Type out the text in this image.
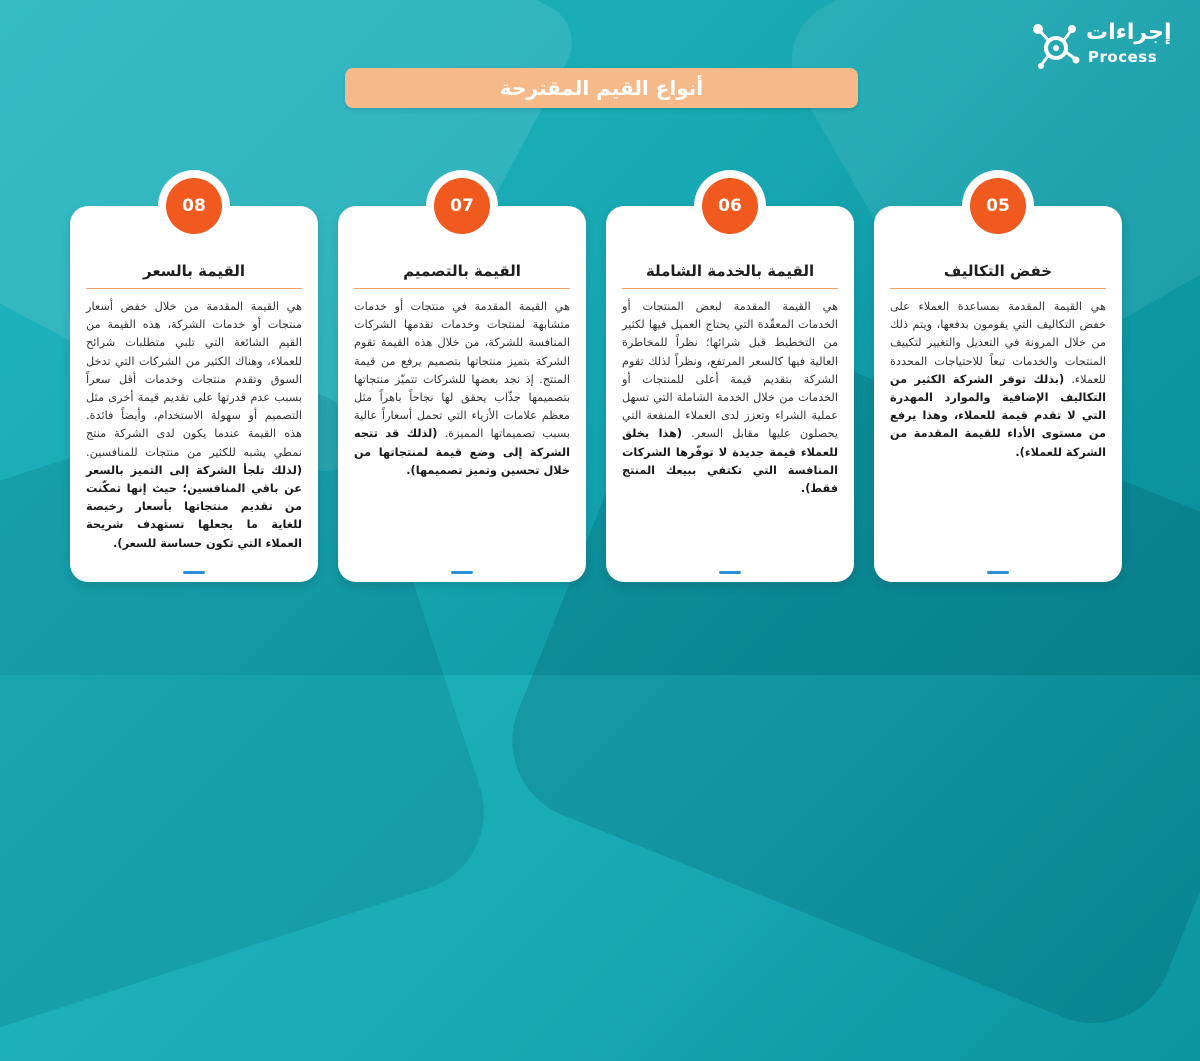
إجراءات
Process
أنواع القيم المقترحة
05
خفض التكاليف
هي القيمة المقدمة بمساعدة العملاء على خفض التكاليف التي يقومون بدفعها، ويتم ذلك من خلال المرونة في التعديل والتغيير لتكييف المنتجات والخدمات تبعاً للاحتياجات المحددة للعملاء. (بذلك توفر الشركة الكثير من التكاليف الإضافية والموارد المهدرة التي لا تقدم قيمة للعملاء، وهذا يرفع من مستوى الأداء للقيمة المقدمة من الشركة للعملاء).
06
القيمة بالخدمة الشاملة
هي القيمة المقدمة لبعض المنتجات أو الخدمات المعقّدة التي يحتاج العميل فيها لكثير من التخطيط قبل شرائها؛ نظراً للمخاطرة العالية فيها كالسعر المرتفع، ونظراً لذلك تقوم الشركة بتقديم قيمة أعلى للمنتجات أو الخدمات من خلال الخدمة الشاملة التي تسهل عملية الشراء وتعزز لدى العملاء المنفعة التي يحصلون عليها مقابل السعر. (هذا يخلق للعملاء قيمة جديدة لا توفّرها الشركات المنافسة التي تكتفي ببيعك المنتج فقط).
07
القيمة بالتصميم
هي القيمة المقدمة في منتجات أو خدمات متشابهة لمنتجات وخدمات تقدمها الشركات المنافسة للشركة، من خلال هذه القيمة تقوم الشركة بتميز منتجاتها بتصميم يرفع من قيمة المنتج. إذ نجد بعضها للشركات تتميّز منتجاتها بتصميمها جذّاب يحقق لها نجاحاً باهراً مثل معظم علامات الأزياء التي تحمل أسعاراً عالية بسبب تصميماتها المميزة. (لذلك قد تتجه الشركة إلى وضع قيمة لمنتجاتها من خلال تحسين وتميز تصميمها).
08
القيمة بالسعر
هي القيمة المقدمة من خلال خفض أسعار منتجات أو خدمات الشركة، هذه القيمة من القيم الشائعة التي تلبي متطلبات شرائح للعملاء، وهناك الكثير من الشركات التي تدخل السوق وتقدم منتجات وخدمات أقل سعراً بسبب عدم قدرتها على تقديم قيمة أخرى مثل التصميم أو سهولة الاستخدام، وأيضاً فائدة. هذه القيمة عندما يكون لدى الشركة منتج نمطي يشبه للكثير من منتجات للمنافسين. (لذلك تلجأ الشركة إلى التميز بالسعر عن باقي المنافسين؛ حيث إنها تمكّنت من تقديم منتجاتها بأسعار رخيصة للغاية ما يجعلها تستهدف شريحة العملاء التي تكون حساسة للسعر).
